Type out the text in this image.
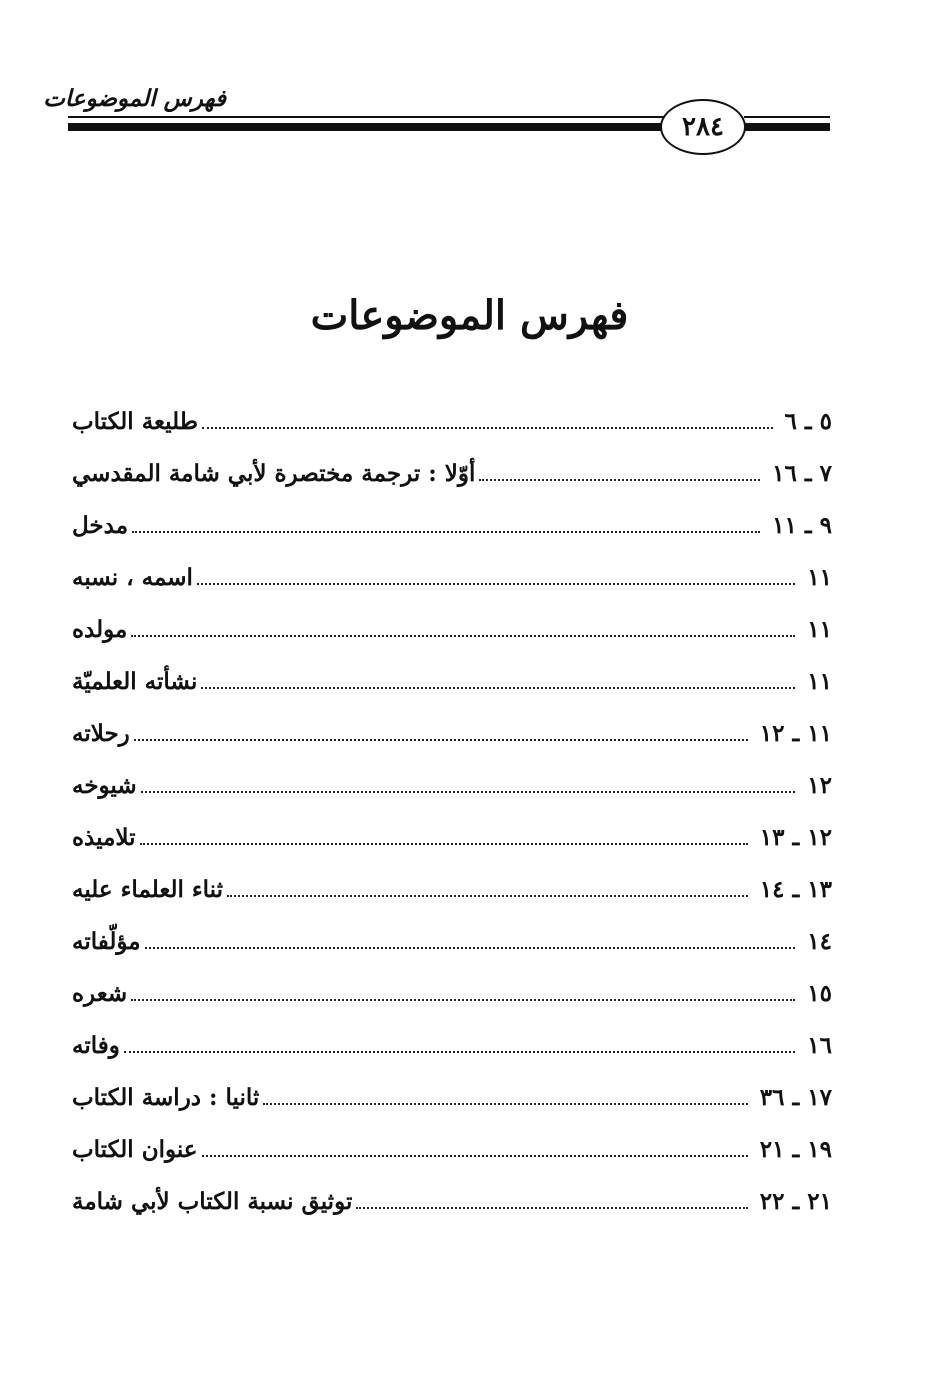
فهرس الموضوعات
٢٨٤
فهرس الموضوعات
طليعة الكتاب	٥ ـ ٦
أوّلا : ترجمة مختصرة لأبي شامة المقدسي	٧ ـ ١٦
مدخل	٩ ـ ١١
اسمه ، نسبه	١١
مولده	١١
نشأته العلميّة	١١
رحلاته	١١ ـ ١٢
شيوخه	١٢
تلاميذه	١٢ ـ ١٣
ثناء العلماء عليه	١٣ ـ ١٤
مؤلّفاته	١٤
شعره	١٥
وفاته	١٦
ثانيا : دراسة الكتاب	١٧ ـ ٣٦
عنوان الكتاب	١٩ ـ ٢١
توثيق نسبة الكتاب لأبي شامة	٢١ ـ ٢٢
